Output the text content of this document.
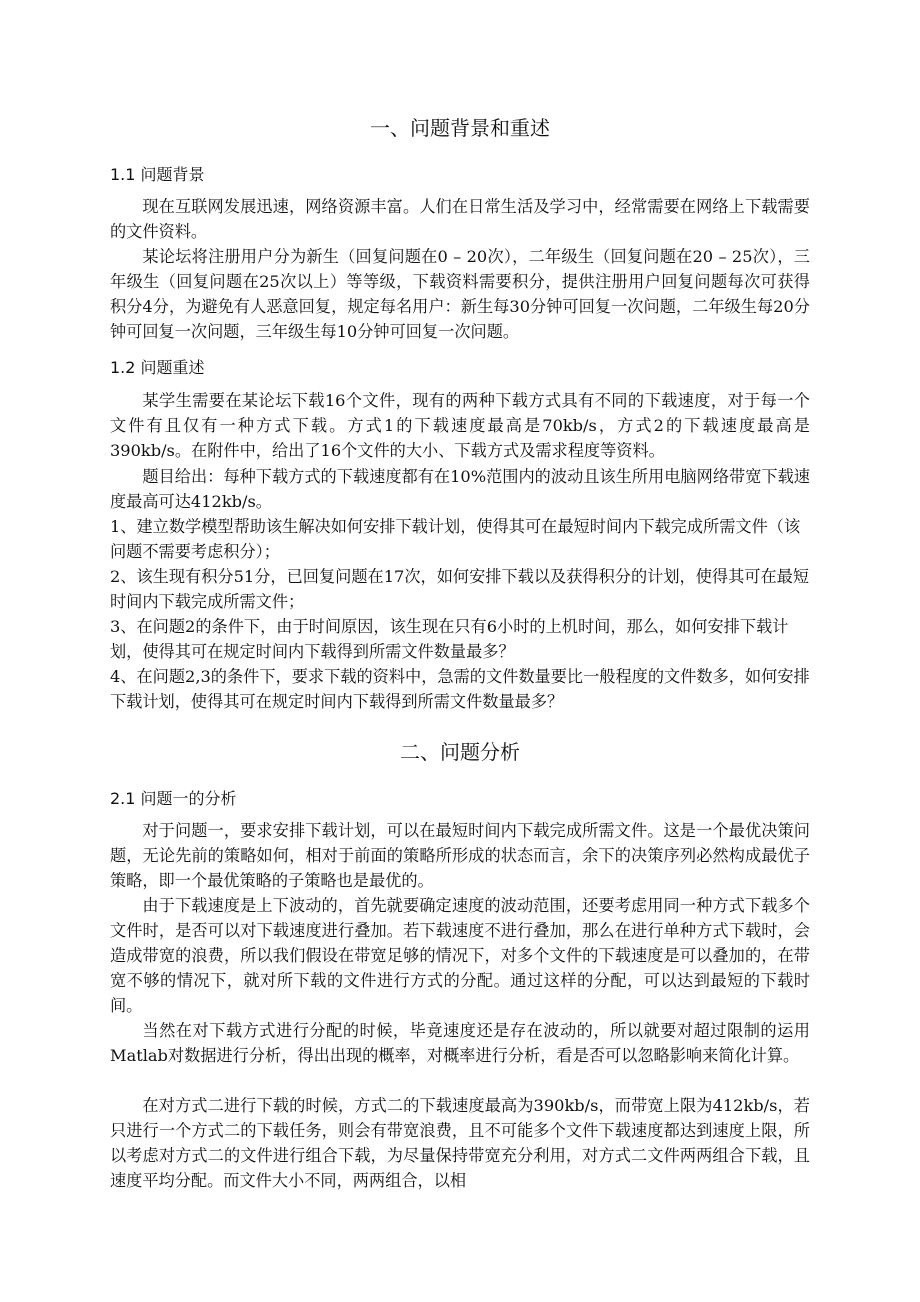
一、问题背景和重述
1.1 问题背景
现在互联网发展迅速，网络资源丰富。人们在日常生活及学习中，经常需要在网络上下载需要的文件资料。
某论坛将注册用户分为新生（回复问题在0 – 20次），二年级生（回复问题在20 – 25次），三年级生（回复问题在25次以上）等等级，下载资料需要积分，提供注册用户回复问题每次可获得积分4分，为避免有人恶意回复，规定每名用户：新生每30分钟可回复一次问题，二年级生每20分钟可回复一次问题，三年级生每10分钟可回复一次问题。
1.2 问题重述
某学生需要在某论坛下载16个文件，现有的两种下载方式具有不同的下载速度，对于每一个文件有且仅有一种方式下载。方式1的下载速度最高是70kb/s，方式2的下载速度最高是390kb/s。在附件中，给出了16个文件的大小、下载方式及需求程度等资料。
题目给出：每种下载方式的下载速度都有在10%范围内的波动且该生所用电脑网络带宽下载速度最高可达412kb/s。
1、建立数学模型帮助该生解决如何安排下载计划，使得其可在最短时间内下载完成所需文件（该问题不需要考虑积分）；
2、该生现有积分51分，已回复问题在17次，如何安排下载以及获得积分的计划，使得其可在最短时间内下载完成所需文件；
3、在问题2的条件下，由于时间原因，该生现在只有6小时的上机时间，那么，如何安排下载计划，使得其可在规定时间内下载得到所需文件数量最多？
4、在问题2,3的条件下，要求下载的资料中，急需的文件数量要比一般程度的文件数多，如何安排下载计划，使得其可在规定时间内下载得到所需文件数量最多？
二、问题分析
2.1 问题一的分析
对于问题一，要求安排下载计划，可以在最短时间内下载完成所需文件。这是一个最优决策问题，无论先前的策略如何，相对于前面的策略所形成的状态而言，余下的决策序列必然构成最优子策略，即一个最优策略的子策略也是最优的。
由于下载速度是上下波动的，首先就要确定速度的波动范围，还要考虑用同一种方式下载多个文件时，是否可以对下载速度进行叠加。若下载速度不进行叠加，那么在进行单种方式下载时，会造成带宽的浪费，所以我们假设在带宽足够的情况下，对多个文件的下载速度是可以叠加的，在带宽不够的情况下，就对所下载的文件进行方式的分配。通过这样的分配，可以达到最短的下载时间。
当然在对下载方式进行分配的时候，毕竟速度还是存在波动的，所以就要对超过限制的运用Matlab对数据进行分析，得出出现的概率，对概率进行分析，看是否可以忽略影响来简化计算。
在对方式二进行下载的时候，方式二的下载速度最高为390kb/s，而带宽上限为412kb/s，若只进行一个方式二的下载任务，则会有带宽浪费，且不可能多个文件下载速度都达到速度上限，所以考虑对方式二的文件进行组合下载，为尽量保持带宽充分利用，对方式二文件两两组合下载，且速度平均分配。而文件大小不同，两两组合，以相
